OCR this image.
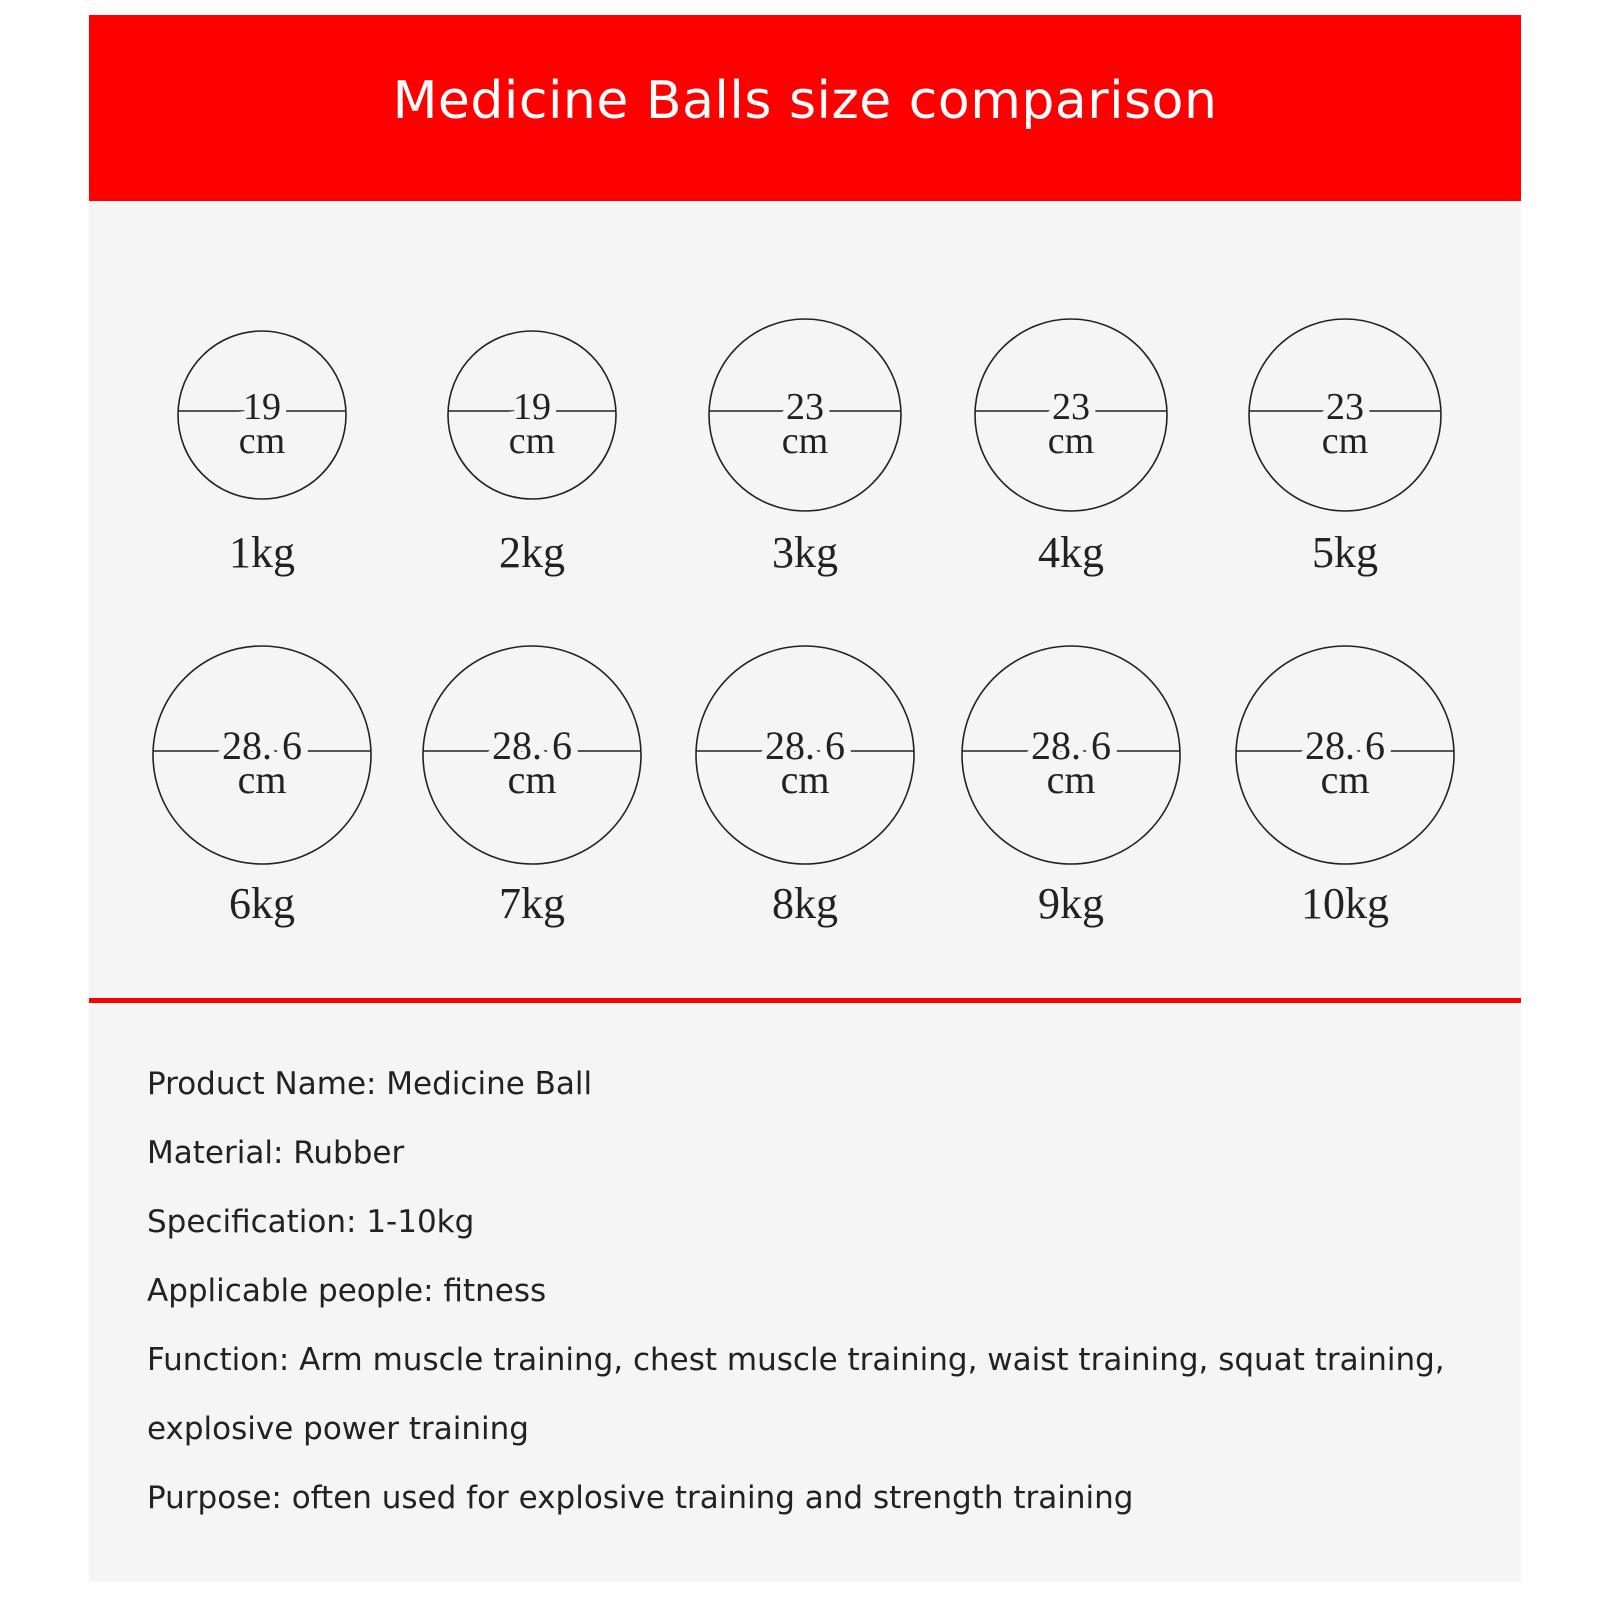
Medicine Balls size comparison
19
cm
1kg
19
cm
2kg
23
cm
3kg
23
cm
4kg
23
cm
5kg
28. 6
cm
6kg
28. 6
cm
7kg
28. 6
cm
8kg
28. 6
cm
9kg
28. 6
cm
10kg
Product Name: Medicine Ball
Material: Rubber
Specification: 1-10kg
Applicable people: fitness
Function: Arm muscle training, chest muscle training, waist training, squat training,
explosive power training
Purpose: often used for explosive training and strength training
